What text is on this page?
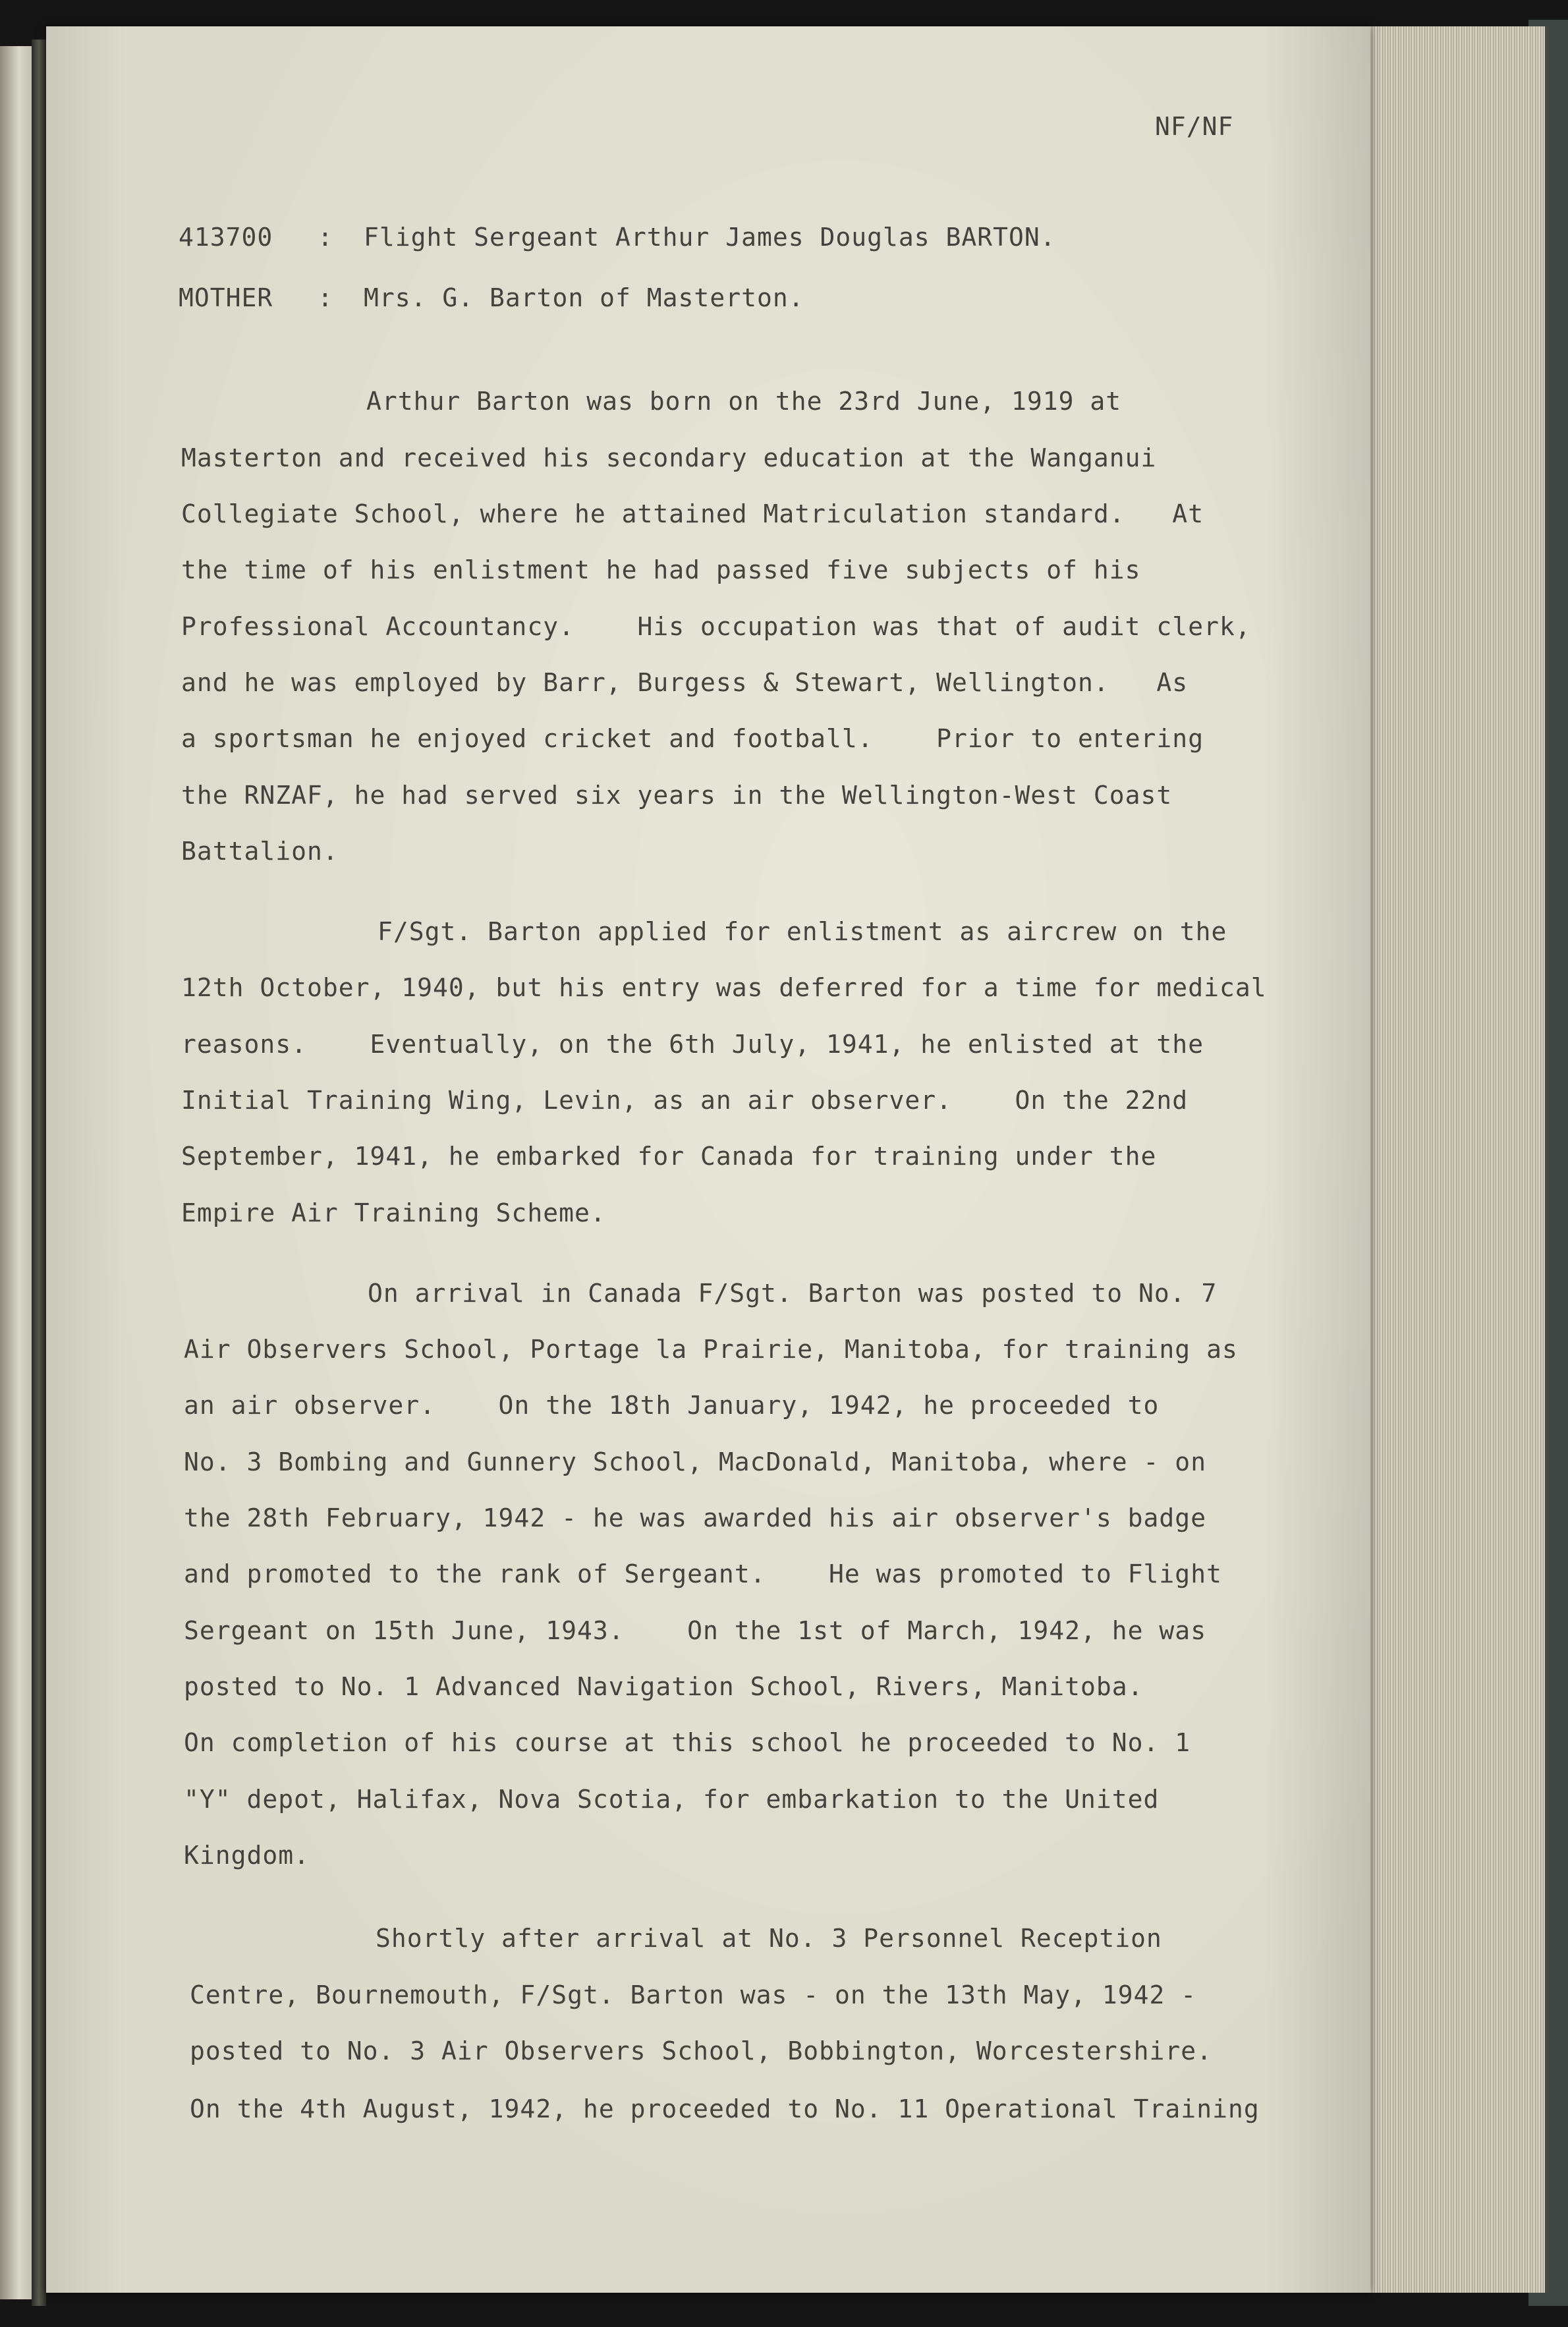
NF/NF
413700 : Flight Sergeant Arthur James Douglas BARTON.
MOTHER : Mrs. G. Barton of Masterton.
Arthur Barton was born on the 23rd June, 1919 at
Masterton and received his secondary education at the Wanganui
Collegiate School, where he attained Matriculation standard.   At
the time of his enlistment he had passed five subjects of his
Professional Accountancy.    His occupation was that of audit clerk,
and he was employed by Barr, Burgess & Stewart, Wellington.   As
a sportsman he enjoyed cricket and football.    Prior to entering
the RNZAF, he had served six years in the Wellington-West Coast
Battalion.
F/Sgt. Barton applied for enlistment as aircrew on the
12th October, 1940, but his entry was deferred for a time for medical
reasons.    Eventually, on the 6th July, 1941, he enlisted at the
Initial Training Wing, Levin, as an air observer.    On the 22nd
September, 1941, he embarked for Canada for training under the
Empire Air Training Scheme.
On arrival in Canada F/Sgt. Barton was posted to No. 7
Air Observers School, Portage la Prairie, Manitoba, for training as
an air observer.    On the 18th January, 1942, he proceeded to
No. 3 Bombing and Gunnery School, MacDonald, Manitoba, where - on
the 28th February, 1942 - he was awarded his air observer's badge
and promoted to the rank of Sergeant.    He was promoted to Flight
Sergeant on 15th June, 1943.    On the 1st of March, 1942, he was
posted to No. 1 Advanced Navigation School, Rivers, Manitoba.
On completion of his course at this school he proceeded to No. 1
"Y" depot, Halifax, Nova Scotia, for embarkation to the United
Kingdom.
Shortly after arrival at No. 3 Personnel Reception
Centre, Bournemouth, F/Sgt. Barton was - on the 13th May, 1942 -
posted to No. 3 Air Observers School, Bobbington, Worcestershire.
On the 4th August, 1942, he proceeded to No. 11 Operational Training
